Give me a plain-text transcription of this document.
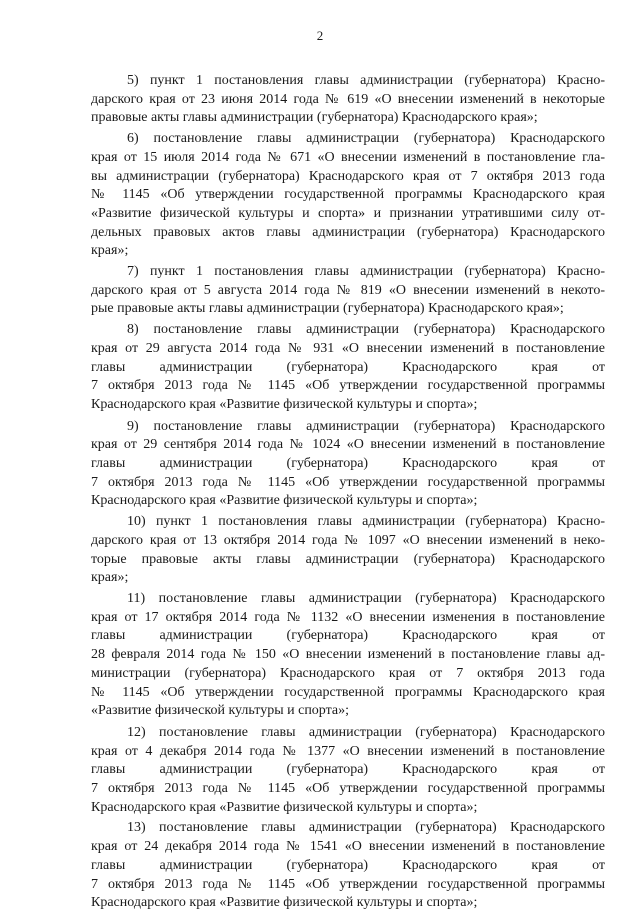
2
5) пункт 1 постановления главы администрации (губернатора) Красно-
дарского края от 23 июня 2014 года № 619 «О внесении изменений в некоторые
правовые акты главы администрации (губернатора) Краснодарского края»;
6) постановление главы администрации (губернатора) Краснодарского
края от 15 июля 2014 года № 671 «О внесении изменений в постановление гла-
вы администрации (губернатора) Краснодарского края от 7 октября 2013 года
№ 1145 «Об утверждении государственной программы Краснодарского края
«Развитие физической культуры и спорта» и признании утратившими силу от-
дельных правовых актов главы администрации (губернатора) Краснодарского
края»;
7) пункт 1 постановления главы администрации (губернатора) Красно-
дарского края от 5 августа 2014 года № 819 «О внесении изменений в некото-
рые правовые акты главы администрации (губернатора) Краснодарского края»;
8) постановление главы администрации (губернатора) Краснодарского
края от 29 августа 2014 года № 931 «О внесении изменений в постановление
главы администрации (губернатора) Краснодарского края от
7 октября 2013 года № 1145 «Об утверждении государственной программы
Краснодарского края «Развитие физической культуры и спорта»;
9) постановление главы администрации (губернатора) Краснодарского
края от 29 сентября 2014 года № 1024 «О внесении изменений в постановление
главы администрации (губернатора) Краснодарского края от
7 октября 2013 года № 1145 «Об утверждении государственной программы
Краснодарского края «Развитие физической культуры и спорта»;
10) пункт 1 постановления главы администрации (губернатора) Красно-
дарского края от 13 октября 2014 года № 1097 «О внесении изменений в неко-
торые правовые акты главы администрации (губернатора) Краснодарского
края»;
11) постановление главы администрации (губернатора) Краснодарского
края от 17 октября 2014 года № 1132 «О внесении изменения в постановление
главы администрации (губернатора) Краснодарского края от
28 февраля 2014 года № 150 «О внесении изменений в постановление главы ад-
министрации (губернатора) Краснодарского края от 7 октября 2013 года
№ 1145 «Об утверждении государственной программы Краснодарского края
«Развитие физической культуры и спорта»;
12) постановление главы администрации (губернатора) Краснодарского
края от 4 декабря 2014 года № 1377 «О внесении изменений в постановление
главы администрации (губернатора) Краснодарского края от
7 октября 2013 года № 1145 «Об утверждении государственной программы
Краснодарского края «Развитие физической культуры и спорта»;
13) постановление главы администрации (губернатора) Краснодарского
края от 24 декабря 2014 года № 1541 «О внесении изменений в постановление
главы администрации (губернатора) Краснодарского края от
7 октября 2013 года № 1145 «Об утверждении государственной программы
Краснодарского края «Развитие физической культуры и спорта»;
